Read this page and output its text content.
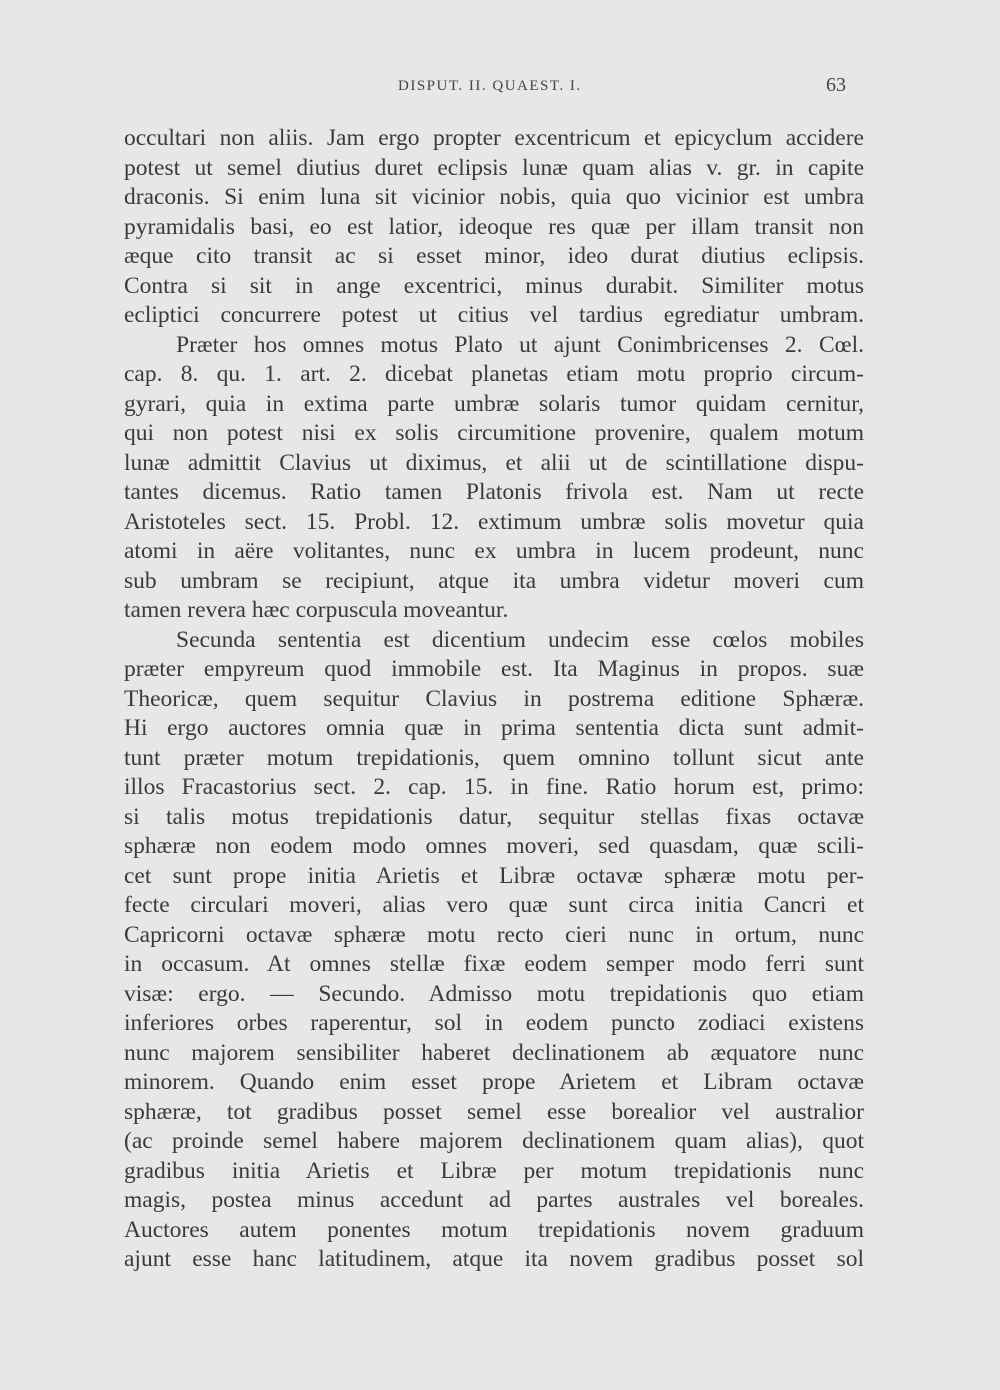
DISPUT. II. QUAEST. I.	63
occultari non aliis. Jam ergo propter excentricum et epicyclum accidere
potest ut semel diutius duret eclipsis lunæ quam alias v. gr. in capite
draconis. Si enim luna sit vicinior nobis, quia quo vicinior est umbra
pyramidalis basi, eo est latior, ideoque res quæ per illam transit non
æque cito transit ac si esset minor, ideo durat diutius eclipsis.
Contra si sit in ange excentrici, minus durabit. Similiter motus
ecliptici concurrere potest ut citius vel tardius egrediatur umbram.
Præter hos omnes motus Plato ut ajunt Conimbricenses 2. Cœl.
cap. 8. qu. 1. art. 2. dicebat planetas etiam motu proprio circum-
gyrari, quia in extima parte umbræ solaris tumor quidam cernitur,
qui non potest nisi ex solis circumitione provenire, qualem motum
lunæ admittit Clavius ut diximus, et alii ut de scintillatione dispu-
tantes dicemus. Ratio tamen Platonis frivola est. Nam ut recte
Aristoteles sect. 15. Probl. 12. extimum umbræ solis movetur quia
atomi in aëre volitantes, nunc ex umbra in lucem prodeunt, nunc
sub umbram se recipiunt, atque ita umbra videtur moveri cum
tamen revera hæc corpuscula moveantur.
Secunda sententia est dicentium undecim esse cœlos mobiles
præter empyreum quod immobile est. Ita Maginus in propos. suæ
Theoricæ, quem sequitur Clavius in postrema editione Sphæræ.
Hi ergo auctores omnia quæ in prima sententia dicta sunt admit-
tunt præter motum trepidationis, quem omnino tollunt sicut ante
illos Fracastorius sect. 2. cap. 15. in fine. Ratio horum est, primo:
si talis motus trepidationis datur, sequitur stellas fixas octavæ
sphæræ non eodem modo omnes moveri, sed quasdam, quæ scili-
cet sunt prope initia Arietis et Libræ octavæ sphæræ motu per-
fecte circulari moveri, alias vero quæ sunt circa initia Cancri et
Capricorni octavæ sphæræ motu recto cieri nunc in ortum, nunc
in occasum. At omnes stellæ fixæ eodem semper modo ferri sunt
visæ: ergo. — Secundo. Admisso motu trepidationis quo etiam
inferiores orbes raperentur, sol in eodem puncto zodiaci existens
nunc majorem sensibiliter haberet declinationem ab æquatore nunc
minorem. Quando enim esset prope Arietem et Libram octavæ
sphæræ, tot gradibus posset semel esse borealior vel australior
(ac proinde semel habere majorem declinationem quam alias), quot
gradibus initia Arietis et Libræ per motum trepidationis nunc
magis, postea minus accedunt ad partes australes vel boreales.
Auctores autem ponentes motum trepidationis novem graduum
ajunt esse hanc latitudinem, atque ita novem gradibus posset sol
